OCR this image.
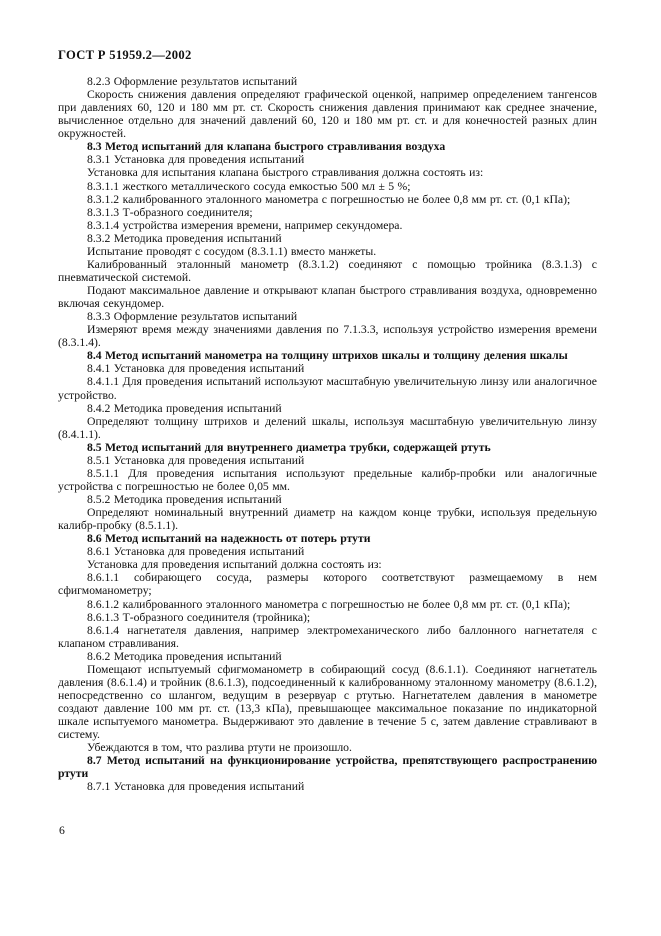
ГОСТ Р 51959.2—2002

8.2.3 Оформление результатов испытаний

Скорость снижения давления определяют графической оценкой, например определением тангенсов при давлениях 60, 120 и 180 мм рт. ст. Скорость снижения давления принимают как среднее значение, вычисленное отдельно для значений давлений 60, 120 и 180 мм рт. ст. и для конечностей разных длин окружностей.

8.3 Метод испытаний для клапана быстрого стравливания воздуха

8.3.1 Установка для проведения испытаний

Установка для испытания клапана быстрого стравливания должна состоять из:

8.3.1.1 жесткого металлического сосуда емкостью 500 мл ± 5 %;

8.3.1.2 калиброванного эталонного манометра с погрешностью не более 0,8 мм рт. ст. (0,1 кПа);

8.3.1.3 Т-образного соединителя;

8.3.1.4 устройства измерения времени, например секундомера.

8.3.2 Методика проведения испытаний

Испытание проводят с сосудом (8.3.1.1) вместо манжеты.

Калиброванный эталонный манометр (8.3.1.2) соединяют с помощью тройника (8.3.1.3) с пневматической системой.

Подают максимальное давление и открывают клапан быстрого стравливания воздуха, одновременно включая секундомер.

8.3.3 Оформление результатов испытаний

Измеряют время между значениями давления по 7.1.3.3, используя устройство измерения времени (8.3.1.4).

8.4 Метод испытаний манометра на толщину штрихов шкалы и толщину деления шкалы

8.4.1 Установка для проведения испытаний

8.4.1.1 Для проведения испытаний используют масштабную увеличительную линзу или аналогичное устройство.

8.4.2 Методика проведения испытаний

Определяют толщину штрихов и делений шкалы, используя масштабную увеличительную линзу (8.4.1.1).

8.5 Метод испытаний для внутреннего диаметра трубки, содержащей ртуть

8.5.1 Установка для проведения испытаний

8.5.1.1 Для проведения испытания используют предельные калибр-пробки или аналогичные устройства с погрешностью не более 0,05 мм.

8.5.2 Методика проведения испытаний

Определяют номинальный внутренний диаметр на каждом конце трубки, используя предельную калибр-пробку (8.5.1.1).

8.6 Метод испытаний на надежность от потерь ртути

8.6.1 Установка для проведения испытаний

Установка для проведения испытаний должна состоять из:

8.6.1.1 собирающего сосуда, размеры которого соответствуют размещаемому в нем сфигмоманометру;

8.6.1.2 калиброванного эталонного манометра с погрешностью не более 0,8 мм рт. ст. (0,1 кПа);

8.6.1.3 Т-образного соединителя (тройника);

8.6.1.4 нагнетателя давления, например электромеханического либо баллонного нагнетателя с клапаном стравливания.

8.6.2 Методика проведения испытаний

Помещают испытуемый сфигмоманометр в собирающий сосуд (8.6.1.1). Соединяют нагнетатель давления (8.6.1.4) и тройник (8.6.1.3), подсоединенный к калиброванному эталонному манометру (8.6.1.2), непосредственно со шлангом, ведущим в резервуар с ртутью. Нагнетателем давления в манометре создают давление 100 мм рт. ст. (13,3 кПа), превышающее максимальное показание по индикаторной шкале испытуемого манометра. Выдерживают это давление в течение 5 с, затем давление стравливают в систему.

Убеждаются в том, что разлива ртути не произошло.

8.7 Метод испытаний на функционирование устройства, препятствующего распространению ртути

8.7.1 Установка для проведения испытаний

6
